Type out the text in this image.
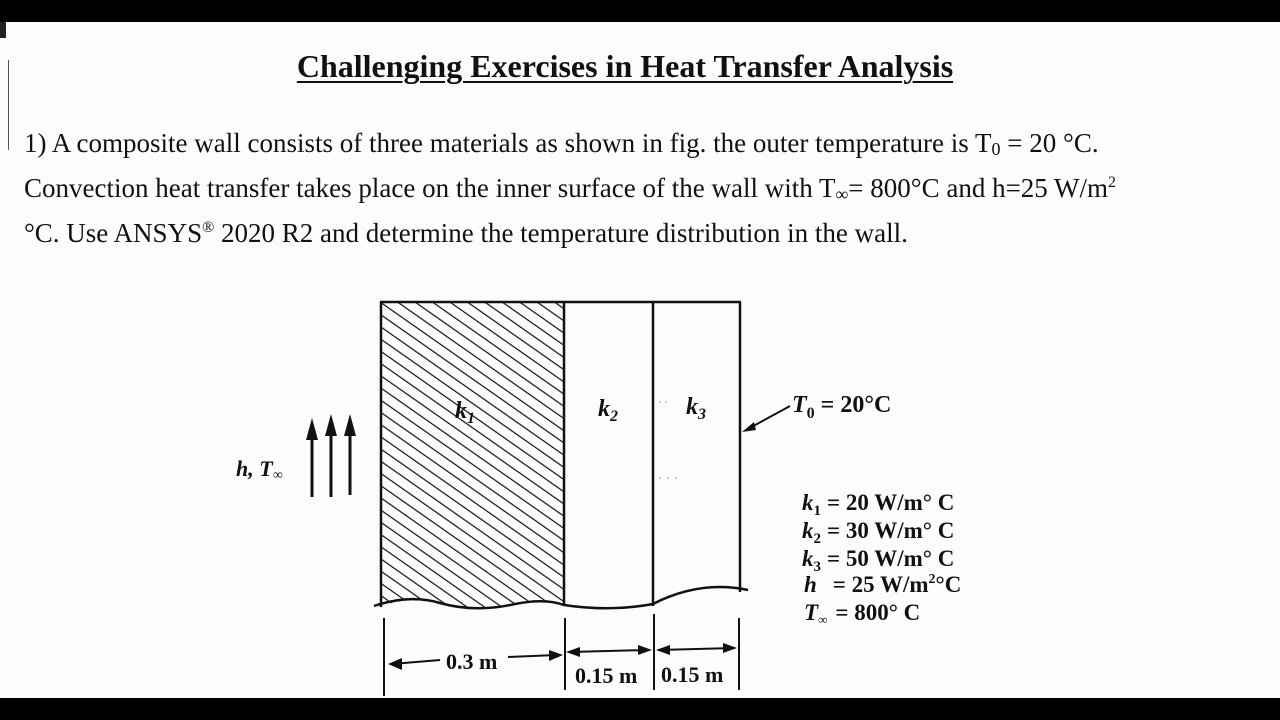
Challenging Exercises in Heat Transfer Analysis

1) A composite wall consists of three materials as shown in fig. the outer temperature is T0 = 20 °C.

Convection heat transfer takes place on the inner surface of the wall with T∞= 800°C and h=25 $W/m^2$

°C. Use ANSYS® 2020 R2 and determine the temperature distribution in the wall.

$k_1$	$k_2$	$k_3$	$T_0 = 20^\circ C$
h, T∞
0.3 m
0.15 m 0.15 m
$k_1 = 20$ W/m° C
$k_2 = 30$ W/m° C
$k_3 = 50$ W/m° C
h = 25 $W/m^2^\circ C$
T∞ = 800° C
